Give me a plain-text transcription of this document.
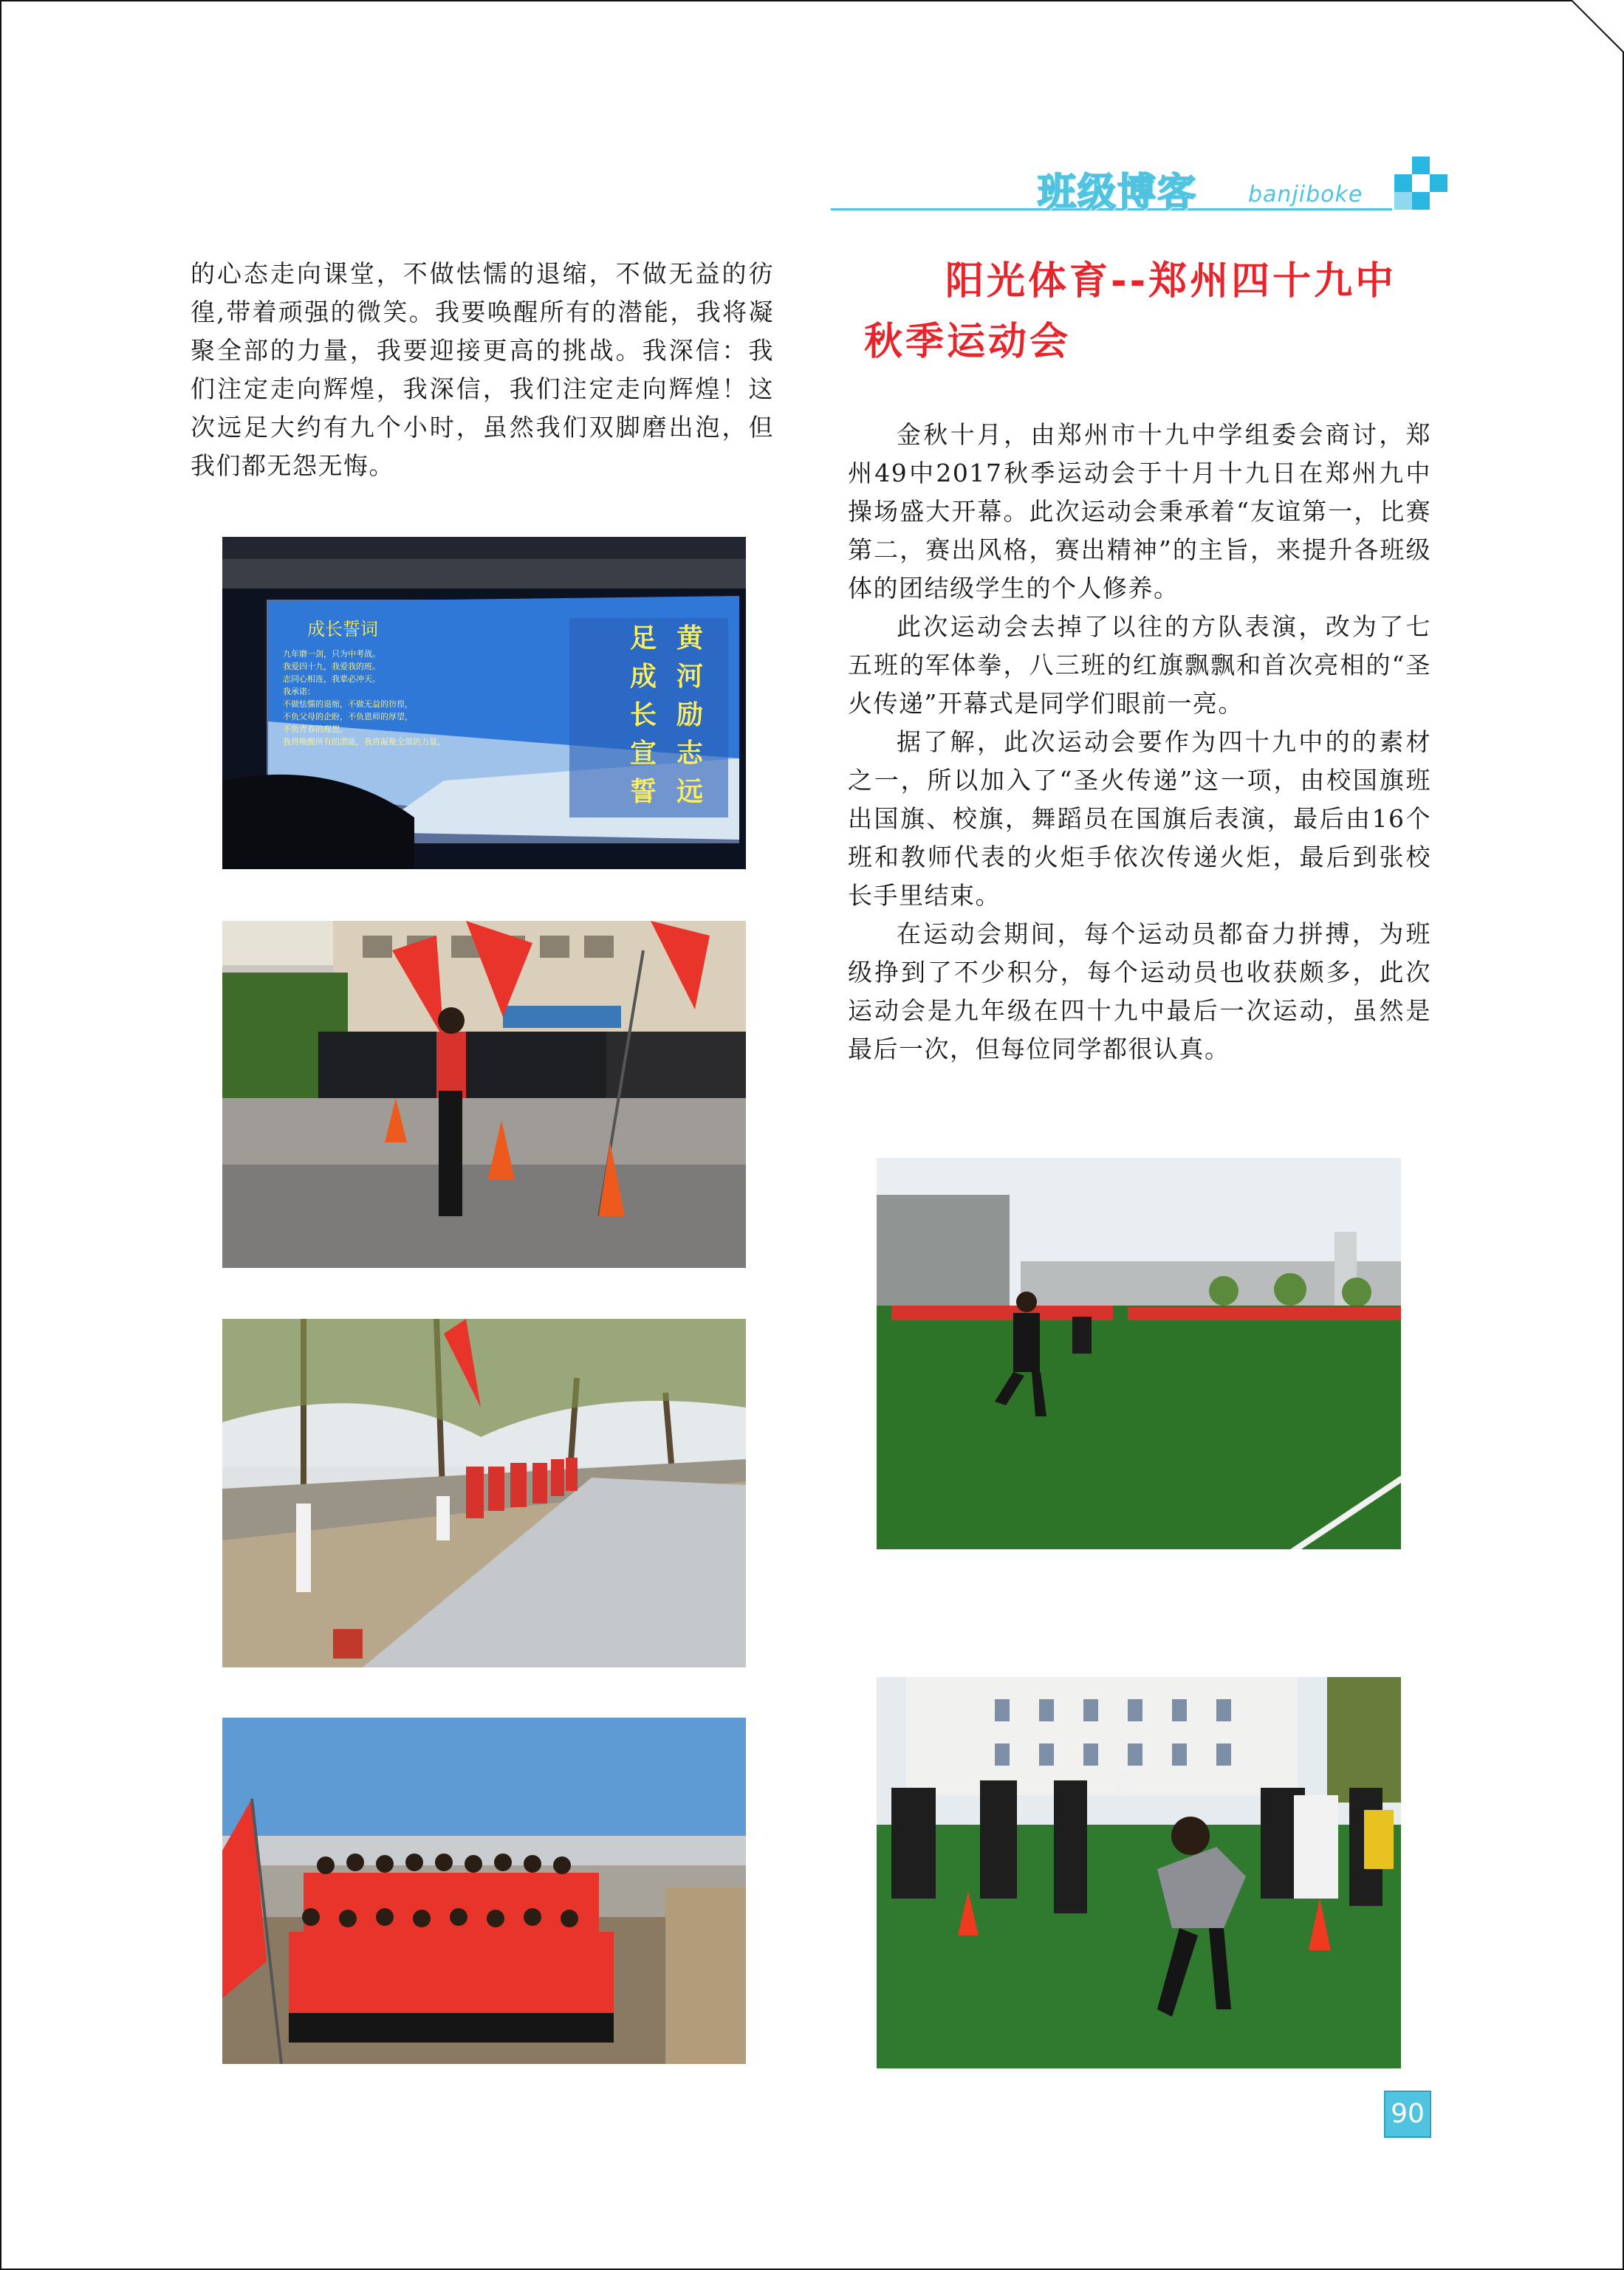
班级博客 banjiboke

的心态走向课堂，不做怯懦的退缩，不做无益的彷徨,带着顽强的微笑。我要唤醒所有的潜能，我将凝聚全部的力量，我要迎接更高的挑战。我深信：我们注定走向辉煌，我深信，我们注定走向辉煌！这次远足大约有九个小时，虽然我们双脚磨出泡，但我们都无怨无悔。

阳光体育--郑州四十九中
秋季运动会

金秋十月，由郑州市十九中学组委会商讨，郑州49中2017秋季运动会于十月十九日在郑州九中操场盛大开幕。此次运动会秉承着“友谊第一，比赛第二，赛出风格，赛出精神”的主旨，来提升各班级体的团结级学生的个人修养。

此次运动会去掉了以往的方队表演，改为了七五班的军体拳，八三班的红旗飘飘和首次亮相的“圣火传递”开幕式是同学们眼前一亮。

据了解，此次运动会要作为四十九中的的素材之一，所以加入了“圣火传递”这一项，由校国旗班出国旗、校旗，舞蹈员在国旗后表演，最后由16个班和教师代表的火炬手依次传递火炬，最后到张校长手里结束。

在运动会期间，每个运动员都奋力拼搏，为班级挣到了不少积分，每个运动员也收获颇多，此次运动会是九年级在四十九中最后一次运动，虽然是最后一次，但每位同学都很认真。

成长誓词
九年磨一剑，只为中考战。
我爱四十九，我爱我的班。
志同心相连，我辈必冲天。
我承诺：
不做怯懦的退缩，不做无益的彷徨，
不负父母的企盼，不负恩师的厚望，
不负青春的理想。
我将唤醒所有的潜能，我将凝聚全部的力量，
黄河励志远
足成长宣誓
90
